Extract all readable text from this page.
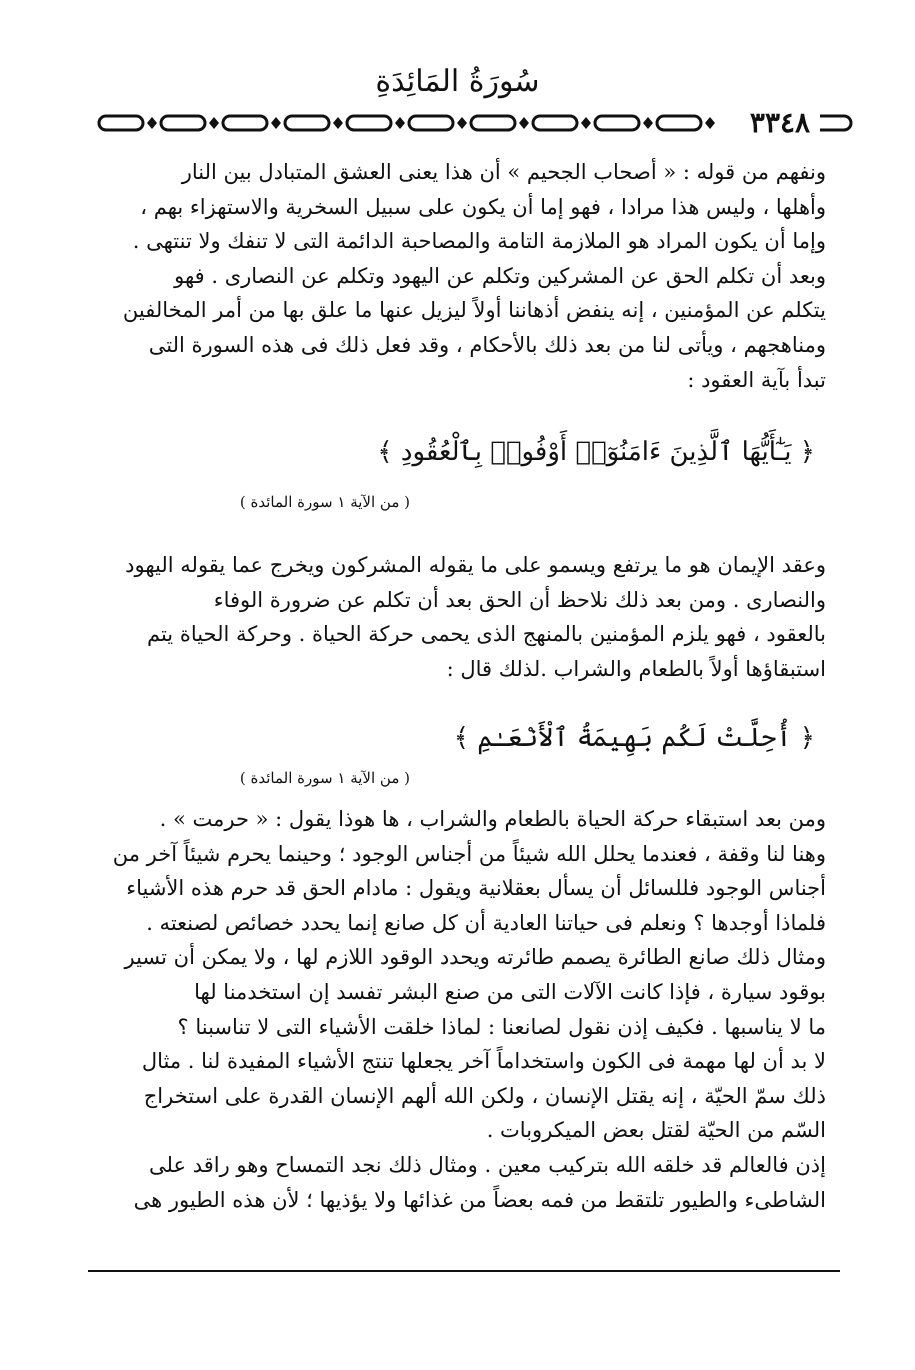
سُورَةُ المَائِدَةِ
٣٣٤٨
ونفهم من قوله : « أصحاب الجحيم » أن هذا يعنى العشق المتبادل بين النار
وأهلها ، وليس هذا مرادا ، فهو إما أن يكون على سبيل السخرية والاستهزاء بهم ،
وإما أن يكون المراد هو الملازمة التامة والمصاحبة الدائمة التى لا تنفك ولا تنتهى .
وبعد أن تكلم الحق عن المشركين وتكلم عن اليهود وتكلم عن النصارى . فهو
يتكلم عن المؤمنين ، إنه ينفض أذهاننا أولاً ليزيل عنها ما علق بها من أمر المخالفين
ومناهجهم ، ويأتى لنا من بعد ذلك بالأحكام ، وقد فعل ذلك فى هذه السورة التى
تبدأ بآية العقود :
﴿ يَـٰٓأَيُّهَا ٱلَّذِينَ ءَامَنُوٓا۟ أَوْفُوا۟ بِٱلْعُقُودِ ﴾
( من الآية ١ سورة المائدة )
وعقد الإيمان هو ما يرتفع ويسمو على ما يقوله المشركون ويخرج عما يقوله اليهود
والنصارى . ومن بعد ذلك نلاحظ أن الحق بعد أن تكلم عن ضرورة الوفاء
بالعقود ، فهو يلزم المؤمنين بالمنهج الذى يحمى حركة الحياة . وحركة الحياة يتم
استبقاؤها أولاً بالطعام والشراب .لذلك قال :
﴿ أُحِلَّتْ لَكُم بَهِيمَةُ ٱلْأَنْعَـٰمِ ﴾
( من الآية ١ سورة المائدة )
ومن بعد استبقاء حركة الحياة بالطعام والشراب ، ها هوذا يقول : « حرمت » .
وهنا لنا وقفة ، فعندما يحلل الله شيئاً من أجناس الوجود ؛ وحينما يحرم شيئاً آخر من
أجناس الوجود فللسائل أن يسأل بعقلانية ويقول : مادام الحق قد حرم هذه الأشياء
فلماذا أوجدها ؟ ونعلم فى حياتنا العادية أن كل صانع إنما يحدد خصائص لصنعته .
ومثال ذلك صانع الطائرة يصمم طائرته ويحدد الوقود اللازم لها ، ولا يمكن أن تسير
بوقود سيارة ، فإذا كانت الآلات التى من صنع البشر تفسد إن استخدمنا لها
ما لا يناسبها . فكيف إذن نقول لصانعنا : لماذا خلقت الأشياء التى لا تناسبنا ؟
لا بد أن لها مهمة فى الكون واستخداماً آخر يجعلها تنتج الأشياء المفيدة لنا . مثال
ذلك سمّ الحيّة ، إنه يقتل الإنسان ، ولكن الله ألهم الإنسان القدرة على استخراج
السّم من الحيّة لقتل بعض الميكروبات .
إذن فالعالم قد خلقه الله بتركيب معين . ومثال ذلك نجد التمساح وهو راقد على
الشاطىء والطيور تلتقط من فمه بعضاً من غذائها ولا يؤذيها ؛ لأن هذه الطيور هى
